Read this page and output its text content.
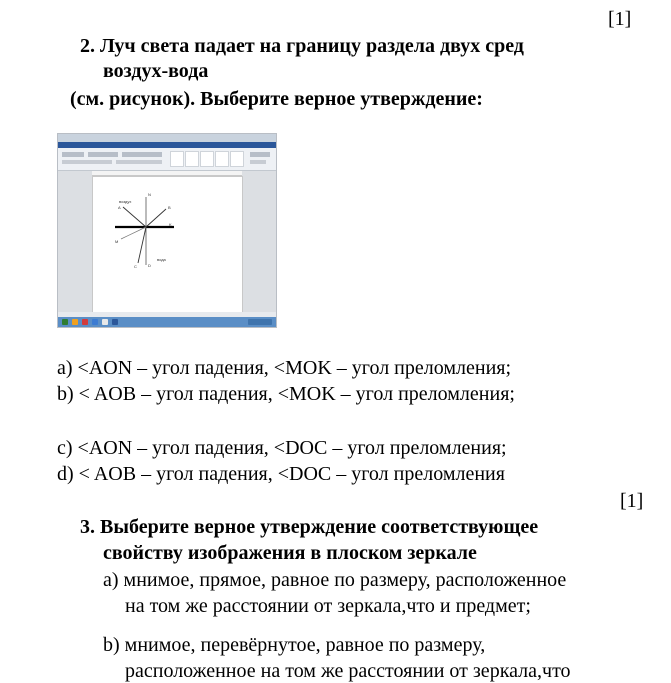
[1]
2. Луч света падает на границу раздела двух сред
воздух-вода
(см. рисунок). Выберите верное утверждение:
воздух
вода
A	B
N
K
M
C	D
a) <AON – угол падения, <MOK – угол преломления;
b) < AOB – угол падения, <MOK – угол преломления;
c) <AON – угол падения, <DOC – угол преломления;
d) < AOB – угол падения, <DOC – угол преломления
[1]
3. Выберите верное утверждение соответствующее
свойству изображения в плоском зеркале
a) мнимое, прямое, равное по размеру, расположенное
на том же расстоянии от зеркала,что и предмет;
b) мнимое, перевёрнутое, равное по размеру,
расположенное на том же расстоянии от зеркала,что
